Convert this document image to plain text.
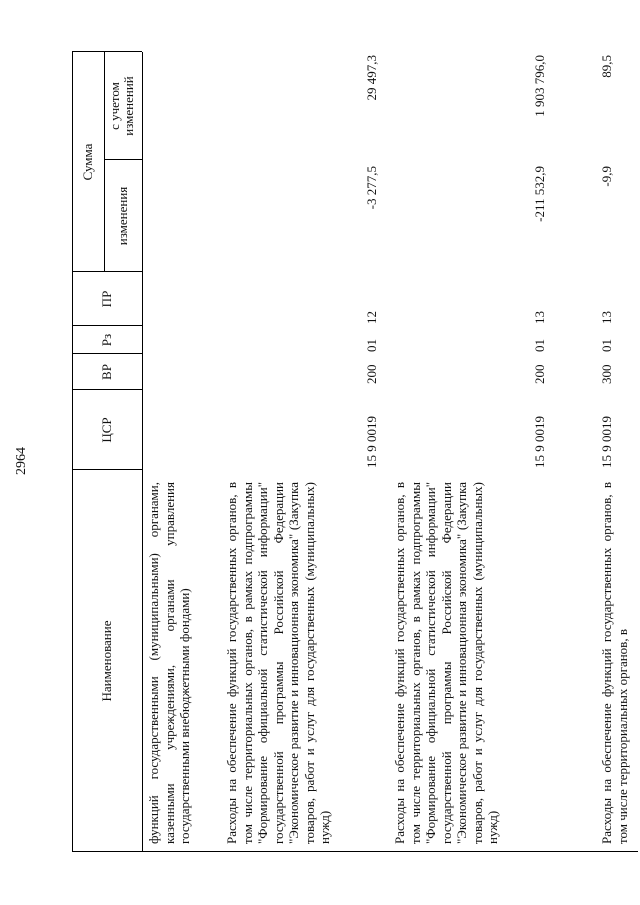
2964
Наименование
ЦСР
ВР
Рз
ПР
Сумма
изменения
с учетом изменений
функций государственными (муниципальными) органами, казенными учреждениями, органами управления государственными внебюджетными фондами) Расходы на обеспечение функций государственных органов, в том числе территориальных органов, в рамках подпрограммы "Формирование официальной статистической информации" государственной программы Российской Федерации "Экономическое развитие и инновационная экономика" (Закупка товаров, работ и услуг для государственных (муниципальных) нужд)
15 9 0019
200
01
12
-3 277,5
29 497,3
Расходы на обеспечение функций государственных органов, в том числе территориальных органов, в рамках подпрограммы "Формирование официальной статистической информации" государственной программы Российской Федерации "Экономическое развитие и инновационная экономика" (Закупка товаров, работ и услуг для государственных (муниципальных) нужд)
15 9 0019
200
01
13
-211 532,9
1 903 796,0
Расходы на обеспечение функций государственных органов, в том числе территориальных органов, в
15 9 0019
300
01
13
-9,9
89,5
